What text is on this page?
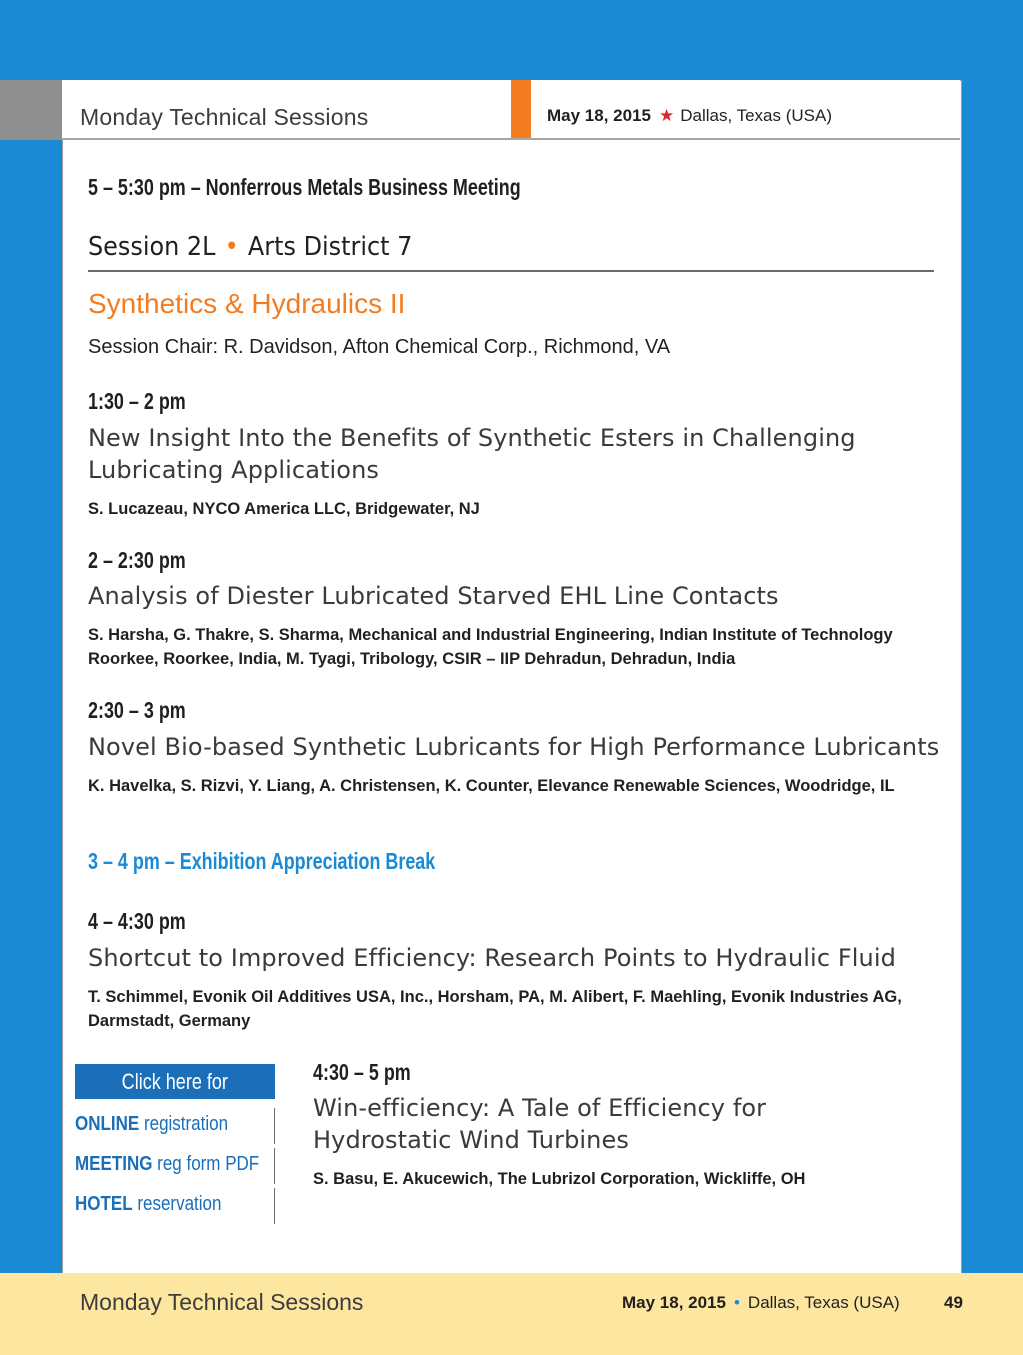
Monday Technical Sessions	May 18, 2015 ★ Dallas, Texas (USA)
5 – 5:30 pm – Nonferrous Metals Business Meeting
Session 2L • Arts District 7
Synthetics & Hydraulics II
Session Chair: R. Davidson, Afton Chemical Corp., Richmond, VA
1:30 – 2 pm
New Insight Into the Benefits of Synthetic Esters in Challenging Lubricating Applications
S. Lucazeau, NYCO America LLC, Bridgewater, NJ
2 – 2:30 pm
Analysis of Diester Lubricated Starved EHL Line Contacts
S. Harsha, G. Thakre, S. Sharma, Mechanical and Industrial Engineering, Indian Institute of Technology Roorkee, Roorkee, India, M. Tyagi, Tribology, CSIR – IIP Dehradun, Dehradun, India
2:30 – 3 pm
Novel Bio-based Synthetic Lubricants for High Performance Lubricants
K. Havelka, S. Rizvi, Y. Liang, A. Christensen, K. Counter, Elevance Renewable Sciences, Woodridge, IL
3 – 4 pm – Exhibition Appreciation Break
4 – 4:30 pm
Shortcut to Improved Efficiency: Research Points to Hydraulic Fluid
T. Schimmel, Evonik Oil Additives USA, Inc., Horsham, PA, M. Alibert, F. Maehling, Evonik Industries AG, Darmstadt, Germany
4:30 – 5 pm
Win-efficiency: A Tale of Efficiency for Hydrostatic Wind Turbines
S. Basu, E. Akucewich, The Lubrizol Corporation, Wickliffe, OH
Click here for
ONLINE registration
MEETING reg form PDF
HOTEL reservation
Monday Technical Sessions	May 18, 2015 • Dallas, Texas (USA)	49
